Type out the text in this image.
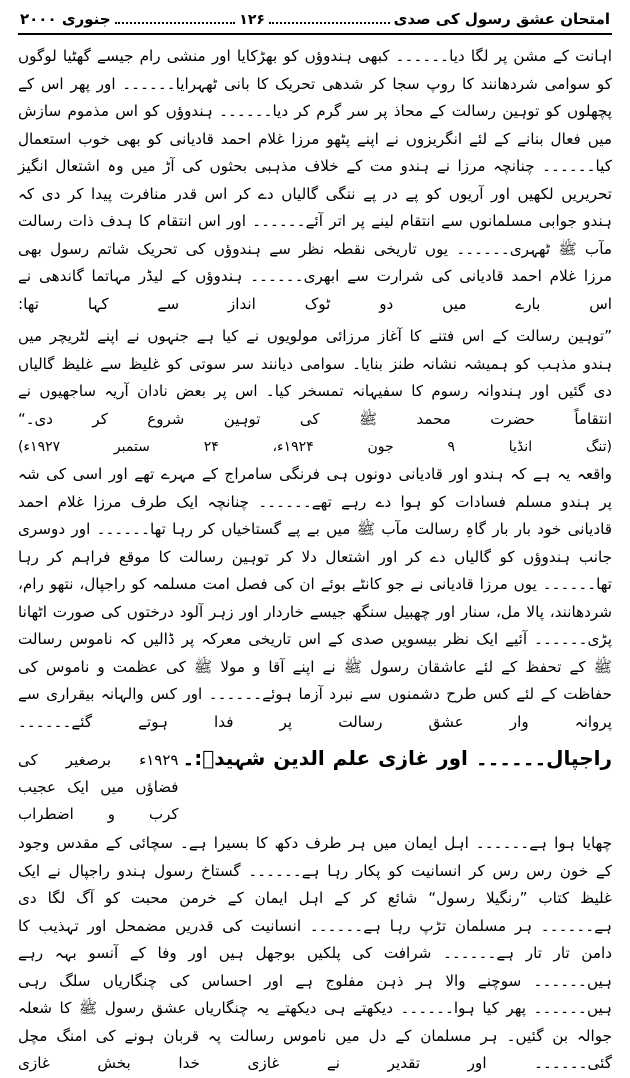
امتحان عشق رسول کی صدی
۱۲۶
جنوری ۲۰۰۰

اہانت کے مشن پر لگا دیا۔۔۔۔۔۔ کبھی ہندوؤں کو بھڑکایا اور منشی رام جیسے گھٹیا لوگوں کو سوامی شردھانند کا روپ سجا کر شدھی تحریک کا بانی ٹھہرایا۔۔۔۔۔۔ اور پھر اس کے پچھلوں کو توہین رسالت کے محاذ پر سر گرم کر دیا۔۔۔۔۔۔ ہندوؤں کو اس مذموم سازش میں فعال بنانے کے لئے انگریزوں نے اپنے پٹھو مرزا غلام احمد قادیانی کو بھی خوب استعمال کیا۔۔۔۔۔۔ چنانچہ مرزا نے ہندو مت کے خلاف مذہبی بحثوں کی آڑ میں وہ اشتعال انگیز تحریریں لکھیں اور آریوں کو پے در پے ننگی گالیاں دے کر اس قدر منافرت پیدا کر دی کہ ہندو جوابی مسلمانوں سے انتقام لینے پر اتر آئے۔۔۔۔۔۔ اور اس انتقام کا ہدف ذات رسالت مآب ﷺ ٹھہری۔۔۔۔۔۔ یوں تاریخی نقطہ نظر سے ہندوؤں کی تحریک شاتم رسول بھی مرزا غلام احمد قادیانی کی شرارت سے ابھری۔۔۔۔۔۔ ہندوؤں کے لیڈر مہاتما گاندھی نے اس بارے میں دو ٹوک انداز سے کہا تھا:

”توہین رسالت کے اس فتنے کا آغاز مرزائی مولویوں نے کیا ہے جنہوں نے اپنے لٹریچر میں ہندو مذہب کو ہمیشہ نشانہ طنز بنایا۔ سوامی دیانند سر سوتی کو غلیظ سے غلیظ گالیاں دی گئیں اور ہندوانہ رسوم کا سفیہانہ تمسخر کیا۔ اس پر بعض نادان آریہ ساجھیوں نے انتقاماً حضرت محمد ﷺ کی توہین شروع کر دی۔“

(تنگ انڈیا ۹ جون ۱۹۲۴ء، ۲۴ ستمبر ۱۹۲۷ء)

واقعہ یہ ہے کہ ہندو اور قادیانی دونوں ہی فرنگی سامراج کے مہرے تھے اور اسی کی شہ پر ہندو مسلم فسادات کو ہوا دے رہے تھے۔۔۔۔۔۔ چنانچہ ایک طرف مرزا غلام احمد قادیانی خود بار بار گاہِ رسالت مآب ﷺ میں بے پے گستاخیاں کر رہا تھا۔۔۔۔۔۔ اور دوسری جانب ہندوؤں کو گالیاں دے کر اور اشتعال دلا کر توہین رسالت کا موقع فراہم کر رہا تھا۔۔۔۔۔۔ یوں مرزا قادیانی نے جو کانٹے بوئے ان کی فصل امت مسلمہ کو راجپال، نتھو رام، شردھانند، پالا مل، سنار اور چھبیل سنگھ جیسے خاردار اور زہر آلود درختوں کی صورت اٹھانا پڑی۔۔۔۔۔۔ آئیے ایک نظر بیسویں صدی کے اس تاریخی معرکہ پر ڈالیں کہ ناموس رسالت ﷺ کے تحفظ کے لئے عاشقان رسول ﷺ نے اپنے آقا و مولا ﷺ کی عظمت و ناموس کی حفاظت کے لئے کس طرح دشمنوں سے نبرد آزما ہوئے۔۔۔۔۔۔ اور کس والہانہ بیقراری سے پروانہ وار عشق رسالت پر فدا ہوتے گئے۔۔۔۔۔۔

راجپال۔۔۔۔۔۔ اور غازی علم الدین شہیدؒ:۔
۱۹۲۹ء برصغیر کی فضاؤں میں ایک عجیب کرب و اضطراب

چھایا ہوا ہے۔۔۔۔۔۔ اہل ایمان میں ہر طرف دکھ کا بسیرا ہے۔ سچائی کے مقدس وجود کے خون رس رس کر انسانیت کو پکار رہا ہے۔۔۔۔۔۔ گستاخ رسول ہندو راجپال نے ایک غلیظ کتاب ”رنگیلا رسول“ شائع کر کے اہل ایمان کے خرمن محبت کو آگ لگا دی ہے۔۔۔۔۔۔ ہر مسلمان تڑپ رہا ہے۔۔۔۔۔۔ انسانیت کی قدریں مضمحل اور تہذیب کا دامن تار تار ہے۔۔۔۔۔۔ شرافت کی پلکیں بوجھل ہیں اور وفا کے آنسو بہہ رہے ہیں۔۔۔۔۔۔ سوچنے والا ہر ذہن مفلوج ہے اور احساس کی چنگاریاں سلگ رہی ہیں۔۔۔۔۔۔ پھر کیا ہوا۔۔۔۔۔۔ دیکھتے ہی دیکھتے یہ چنگاریاں عشق رسول ﷺ کا شعلہ جوالہ بن گئیں۔ ہر مسلمان کے دل میں ناموس رسالت پہ قربان ہونے کی امنگ مچل گئی۔۔۔۔۔۔ اور تقدیر نے غازی خدا بخش غازی
